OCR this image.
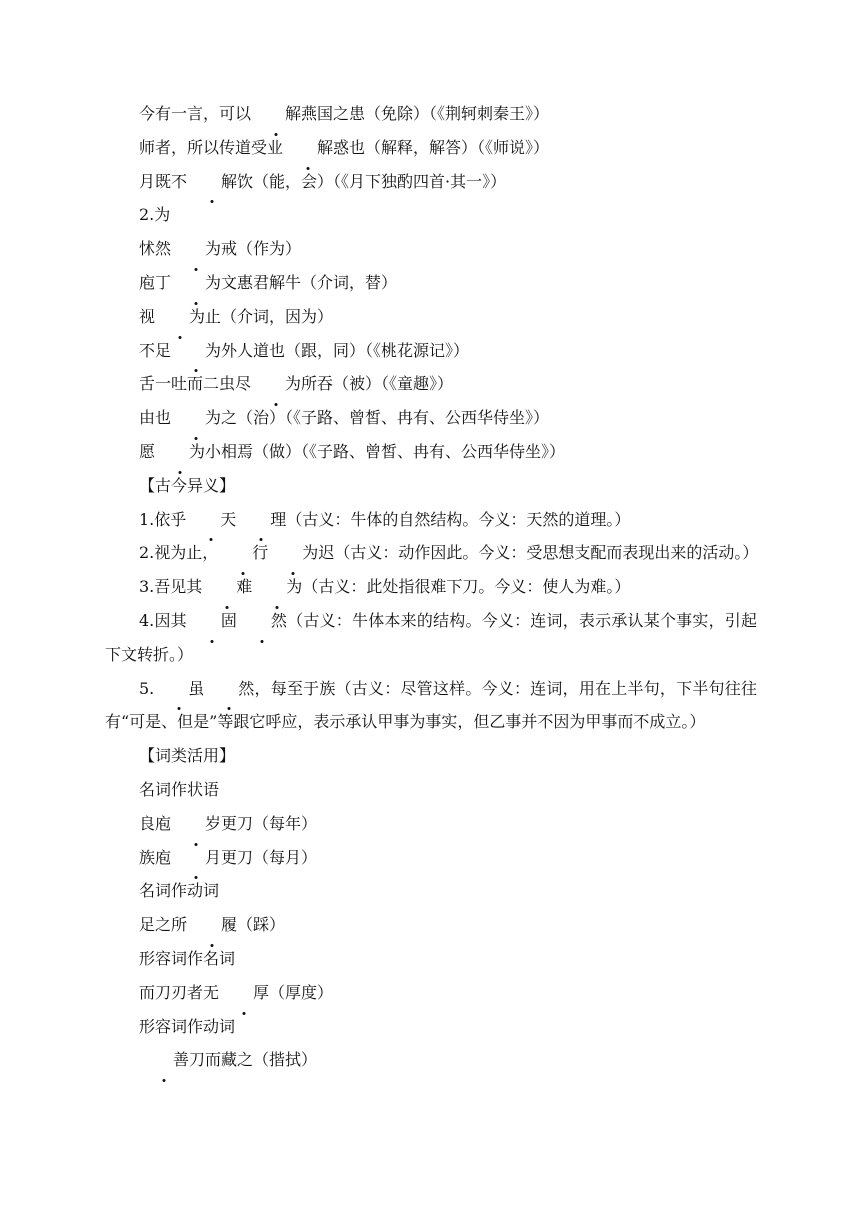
今有一言，可以 解燕国之患（免除）（《荆轲刺秦王》）

师者，所以传道受业 解惑也（解释，解答）（《师说》）

月既不 解饮（能，会）（《月下独酌四首·其一》）

2.为

怵然 为戒（作为）

庖丁 为文惠君解牛（介词，替）

视 为止（介词，因为）

不足 为外人道也（跟，同）（《桃花源记》）

舌一吐而二虫尽 为所吞（被）（《童趣》）

由也 为之（治）（《子路、曾皙、冉有、公西华侍坐》）

愿 为小相焉（做）（《子路、曾皙、冉有、公西华侍坐》）

【古今异义】

1.依乎 天 理（古义：牛体的自然结构。今义：天然的道理。）

2.视为止， 行 为迟（古义：动作因此。今义：受思想支配而表现出来的活动。）

3.吾见其 难 为（古义：此处指很难下刀。今义：使人为难。）

4.因其 固 然（古义：牛体本来的结构。今义：连词，表示承认某个事实，引起下文转折。）

5. 虽 然，每至于族（古义：尽管这样。今义：连词，用在上半句，下半句往往有“可是、但是”等跟它呼应，表示承认甲事为事实，但乙事并不因为甲事而不成立。）

【词类活用】

名词作状语

良庖 岁更刀（每年）

族庖 月更刀（每月）

名词作动词

足之所 履（踩）

形容词作名词

而刀刃者无 厚（厚度）

形容词作动词

善刀而藏之（揩拭）
